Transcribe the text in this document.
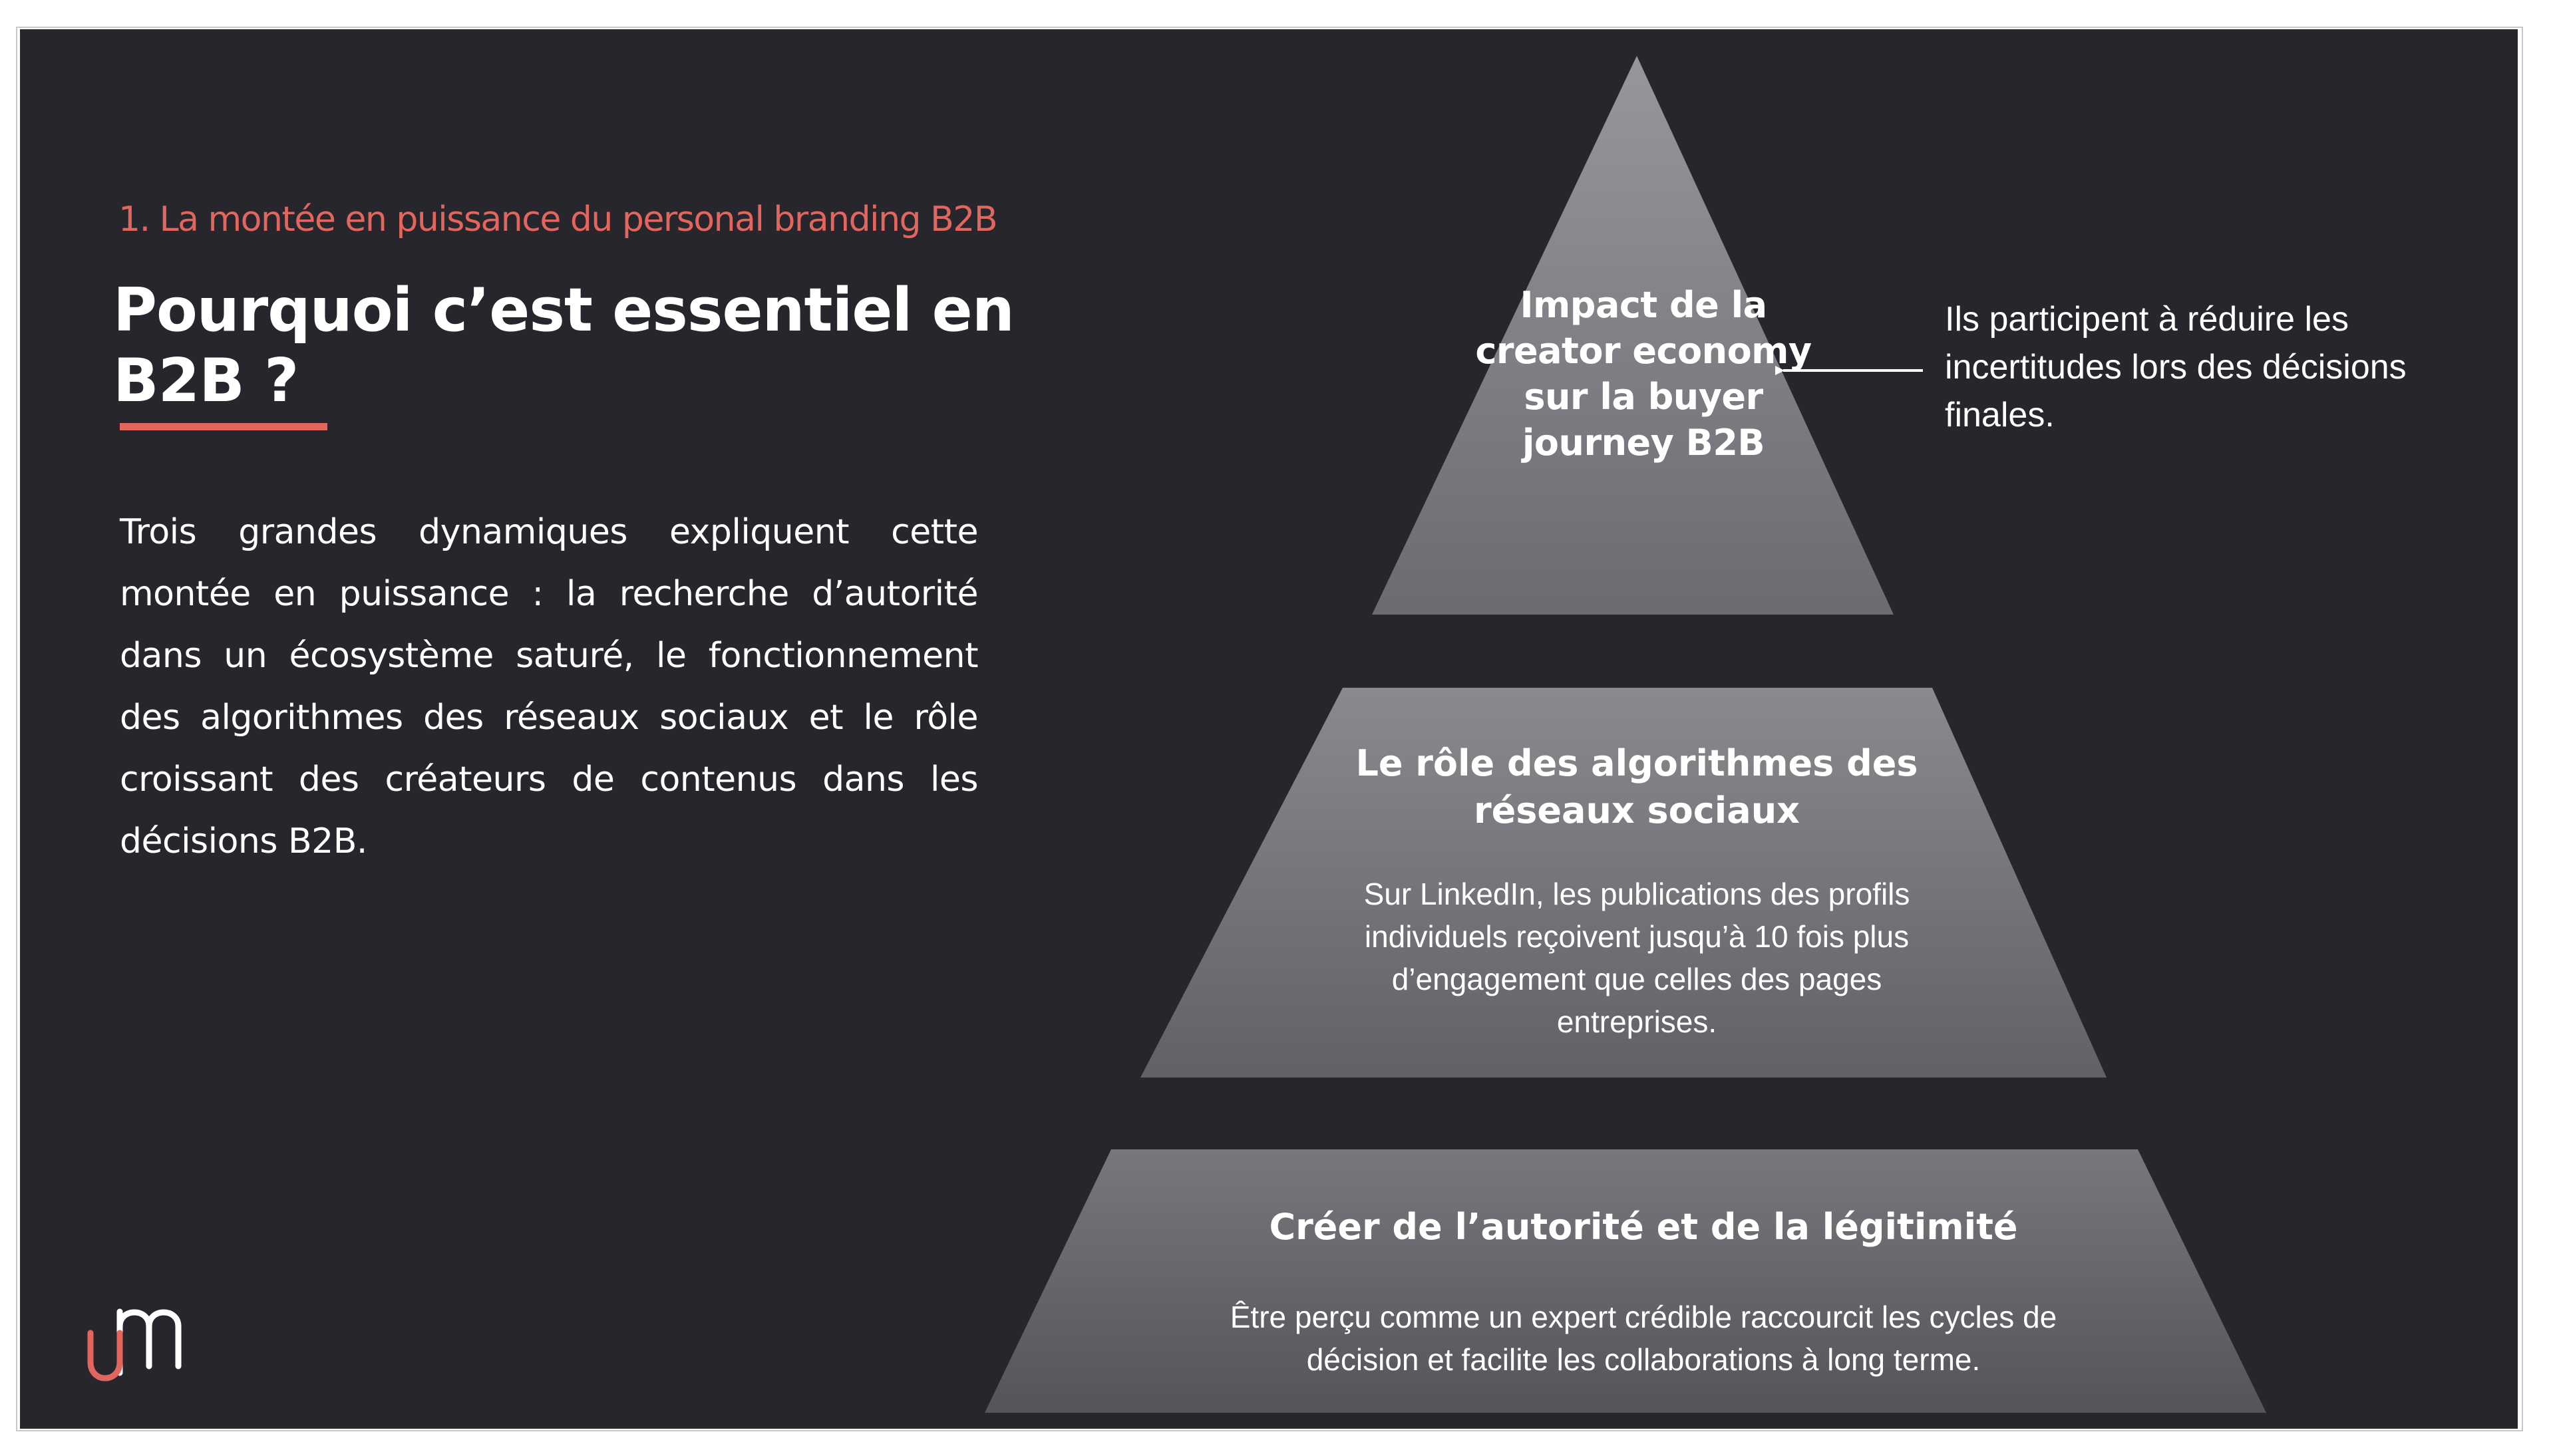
1. La montée en puissance du personal branding B2B
Pourquoi c’est essentiel en B2B ?

Trois grandes dynamiques expliquent cette montée en puissance : la recherche d’autorité dans un écosystème saturé, le fonctionnement des algorithmes des réseaux sociaux et le rôle croissant des créateurs de contenus dans les décisions B2B.

Impact de la creator economy sur la buyer journey B2B

Le rôle des algorithmes des réseaux sociaux

Sur LinkedIn, les publications des profils individuels reçoivent jusqu’à 10 fois plus d’engagement que celles des pages entreprises.

Créer de l’autorité et de la légitimité

Être perçu comme un expert crédible raccourcit les cycles de décision et facilite les collaborations à long terme.

Ils participent à réduire les incertitudes lors des décisions finales.
